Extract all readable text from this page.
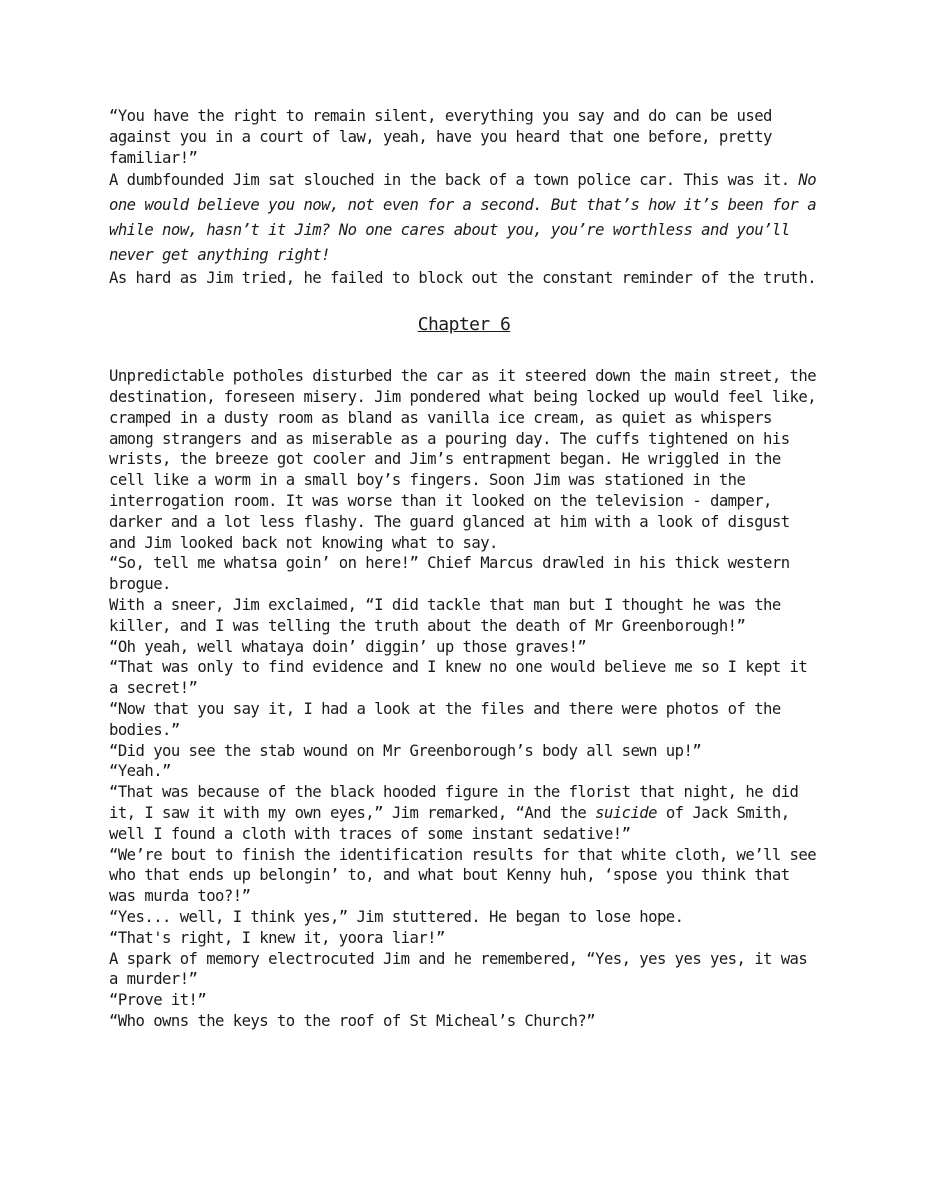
“You have the right to remain silent, everything you say and do can be used against you in a court of law, yeah, have you heard that one before, pretty familiar!”

A dumbfounded Jim sat slouched in the back of a town police car. This was it. No one would believe you now, not even for a second. But that’s how it’s been for a while now, hasn’t it Jim? No one cares about you, you’re worthless and you’ll never get anything right!

As hard as Jim tried, he failed to block out the constant reminder of the truth.

Chapter 6

Unpredictable potholes disturbed the car as it steered down the main street, the destination, foreseen misery. Jim pondered what being locked up would feel like, cramped in a dusty room as bland as vanilla ice cream, as quiet as whispers among strangers and as miserable as a pouring day. The cuffs tightened on his wrists, the breeze got cooler and Jim’s entrapment began. He wriggled in the cell like a worm in a small boy’s fingers. Soon Jim was stationed in the interrogation room. It was worse than it looked on the television - damper, darker and a lot less flashy. The guard glanced at him with a look of disgust and Jim looked back not knowing what to say.

“So, tell me whatsa goin’ on here!” Chief Marcus drawled in his thick western brogue.

With a sneer, Jim exclaimed, “I did tackle that man but I thought he was the killer, and I was telling the truth about the death of Mr Greenborough!”

“Oh yeah, well whataya doin’ diggin’ up those graves!”

“That was only to find evidence and I knew no one would believe me so I kept it a secret!”

“Now that you say it, I had a look at the files and there were photos of the bodies.”

“Did you see the stab wound on Mr Greenborough’s body all sewn up!”

“Yeah.”

“That was because of the black hooded figure in the florist that night, he did it, I saw it with my own eyes,” Jim remarked, “And the suicide of Jack Smith, well I found a cloth with traces of some instant sedative!”

“We’re bout to finish the identification results for that white cloth, we’ll see who that ends up belongin’ to, and what bout Kenny huh, ‘spose you think that was murda too?!”

“Yes... well, I think yes,” Jim stuttered. He began to lose hope.

“That's right, I knew it, yoora liar!”

A spark of memory electrocuted Jim and he remembered, “Yes, yes yes yes, it was a murder!”

“Prove it!”

“Who owns the keys to the roof of St Micheal’s Church?”
